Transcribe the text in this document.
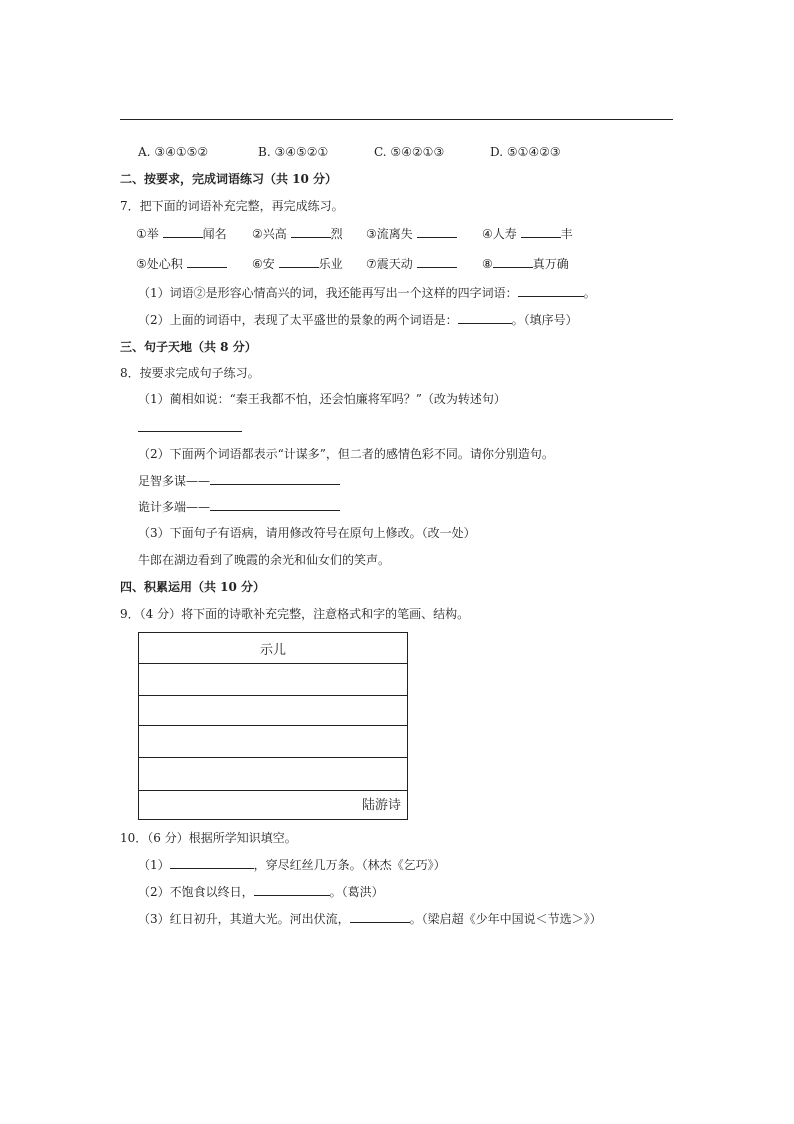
A. ③④①⑤②	B. ③④⑤②①	C. ⑤④②①③	D. ⑤①④②③
二、按要求，完成词语练习（共 10 分）
7．把下面的词语补充完整，再完成练习。
①举	闻名 ②兴高	烈 ③流离失	④人寿	丰
⑤处心积	⑥安	乐业 ⑦震天动	⑧	真万确
（1）词语②是形容心情高兴的词，我还能再写出一个这样的四字词语：	。
（2）上面的词语中，表现了太平盛世的景象的两个词语是：	。（填序号）
三、句子天地（共 8 分）
8．按要求完成句子练习。
（1）蔺相如说：“秦王我都不怕，还会怕廉将军吗？”（改为转述句）
（2）下面两个词语都表示“计谋多”，但二者的感情色彩不同。请你分别造句。
足智多谋——
诡计多端——
（3）下面句子有语病，请用修改符号在原句上修改。（改一处）
牛郎在湖边看到了晚霞的余光和仙女们的笑声。
四、积累运用（共 10 分）
9．（4 分）将下面的诗歌补充完整，注意格式和字的笔画、结构。
示儿
陆游诗
10．（6 分）根据所学知识填空。
（1）	，穿尽红丝几万条。（林杰《乞巧》）
（2）不饱食以终日，	。（葛洪）
（3）红日初升，其道大光。河出伏流，	。（梁启超《少年中国说＜节选＞》）
